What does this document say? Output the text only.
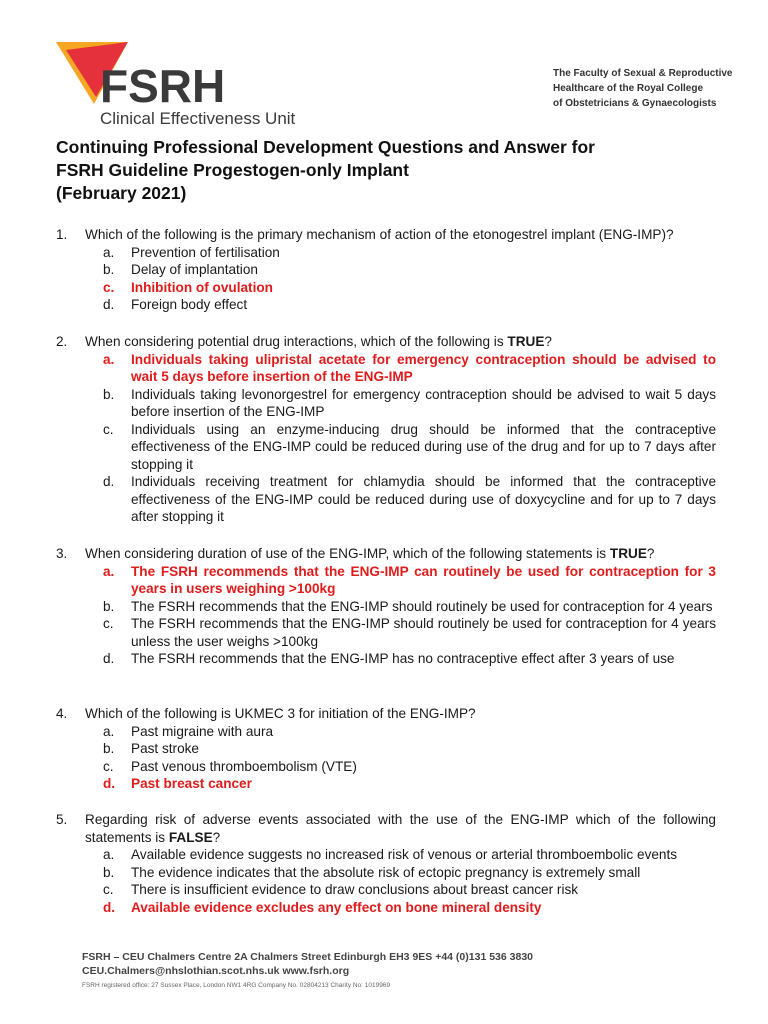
FSRH
Clinical Effectiveness Unit
The Faculty of Sexual & Reproductive
Healthcare of the Royal College
of Obstetricians & Gynaecologists
Continuing Professional Development Questions and Answer for
FSRH Guideline Progestogen-only Implant
(February 2021)
1. Which of the following is the primary mechanism of action of the etonogestrel implant (ENG-IMP)?
a. Prevention of fertilisation
b. Delay of implantation
c. Inhibition of ovulation
d. Foreign body effect
2. When considering potential drug interactions, which of the following is TRUE?
a. Individuals taking ulipristal acetate for emergency contraception should be advised to wait 5 days before insertion of the ENG-IMP
b. Individuals taking levonorgestrel for emergency contraception should be advised to wait 5 days before insertion of the ENG-IMP
c. Individuals using an enzyme-inducing drug should be informed that the contraceptive effectiveness of the ENG-IMP could be reduced during use of the drug and for up to 7 days after stopping it
d. Individuals receiving treatment for chlamydia should be informed that the contraceptive effectiveness of the ENG-IMP could be reduced during use of doxycycline and for up to 7 days after stopping it
3. When considering duration of use of the ENG-IMP, which of the following statements is TRUE?
a. The FSRH recommends that the ENG-IMP can routinely be used for contraception for 3 years in users weighing >100kg
b. The FSRH recommends that the ENG-IMP should routinely be used for contraception for 4 years
c. The FSRH recommends that the ENG-IMP should routinely be used for contraception for 4 years unless the user weighs >100kg
d. The FSRH recommends that the ENG-IMP has no contraceptive effect after 3 years of use
4. Which of the following is UKMEC 3 for initiation of the ENG-IMP?
a. Past migraine with aura
b. Past stroke
c. Past venous thromboembolism (VTE)
d. Past breast cancer
5. Regarding risk of adverse events associated with the use of the ENG-IMP which of the following statements is FALSE?
a. Available evidence suggests no increased risk of venous or arterial thromboembolic events
b. The evidence indicates that the absolute risk of ectopic pregnancy is extremely small
c. There is insufficient evidence to draw conclusions about breast cancer risk
d. Available evidence excludes any effect on bone mineral density
FSRH – CEU Chalmers Centre 2A Chalmers Street Edinburgh EH3 9ES +44 (0)131 536 3830
CEU.Chalmers@nhslothian.scot.nhs.uk www.fsrh.org
FSRH registered office: 27 Sussex Place, London NW1 4RG Company No. 02804213 Charity No: 1019969
